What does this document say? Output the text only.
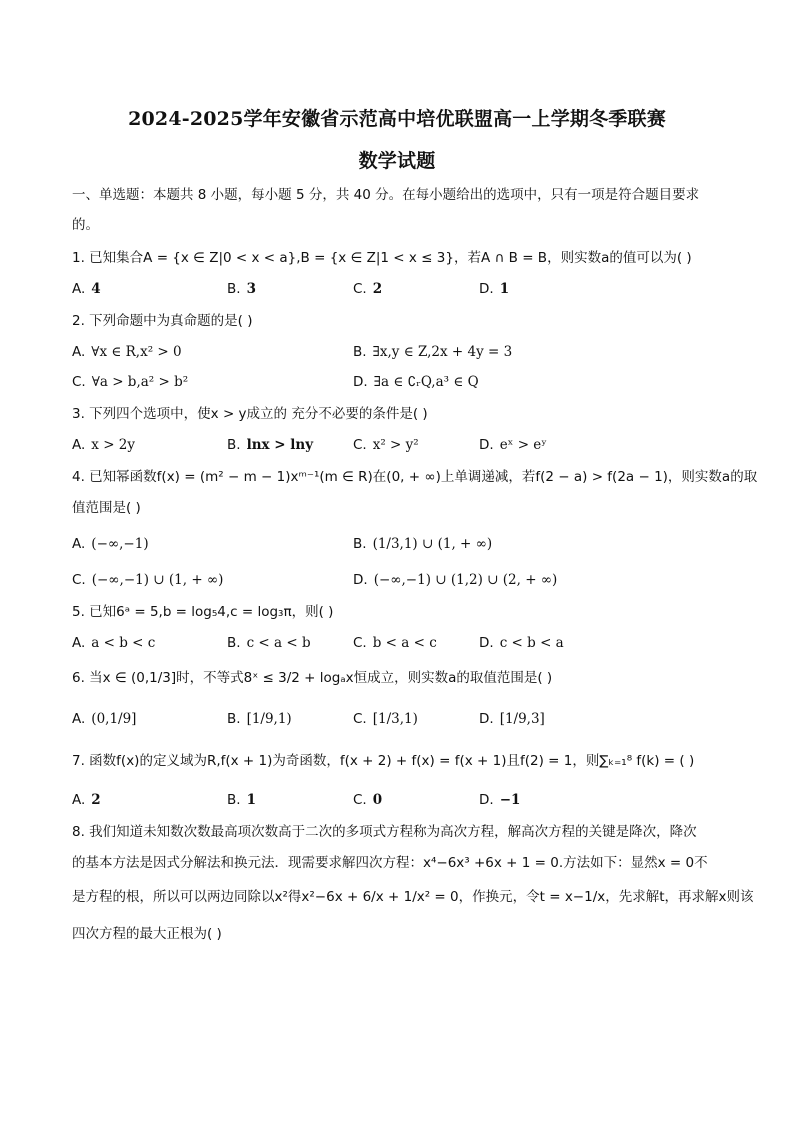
2024-2025学年安徽省示范高中培优联盟高一上学期冬季联赛
数学试题
一、单选题：本题共 8 小题，每小题 5 分，共 40 分。在每小题给出的选项中，只有一项是符合题目要求
的。
1. 已知集合A = {x ∈ Z|0 < x < a},B = {x ∈ Z|1 < x ≤ 3}，若A ∩ B = B，则实数a的值可以为( )
A. 4	B. 3	C. 2	D. 1
2. 下列命题中为真命题的是( )
A. ∀x ∈ R,x² > 0	B. ∃x,y ∈ Z,2x + 4y = 3
C. ∀a > b,a² > b²	D. ∃a ∈ ∁ᵣQ,a³ ∈ Q
3. 下列四个选项中，使x > y成立的 充分不必要的条件是( )
A. x > 2y	B. lnx > lny	C. x² > y²	D. eˣ > eʸ
4. 已知幂函数f(x) = (m² − m − 1)xᵐ⁻¹(m ∈ R)在(0, + ∞)上单调递减，若f(2 − a) > f(2a − 1)，则实数a的取
值范围是( )
A. (−∞,−1)	B. (1/3,1) ∪ (1, + ∞)
C. (−∞,−1) ∪ (1, + ∞)	D. (−∞,−1) ∪ (1,2) ∪ (2, + ∞)
5. 已知6ᵃ = 5,b = log₅4,c = log₃π，则( )
A. a < b < c	B. c < a < b	C. b < a < c	D. c < b < a
6. 当x ∈ (0,1/3]时，不等式8ˣ ≤ 3/2 + logₐx恒成立，则实数a的取值范围是( )
A. (0,1/9]	B. [1/9,1)	C. [1/3,1)	D. [1/9,3]
7. 函数f(x)的定义域为R,f(x + 1)为奇函数，f(x + 2) + f(x) = f(x + 1)且f(2) = 1，则∑ₖ₌₁⁸ f(k) = ( )
A. 2	B. 1	C. 0	D. −1
8. 我们知道未知数次数最高项次数高于二次的多项式方程称为高次方程，解高次方程的关键是降次，降次
的基本方法是因式分解法和换元法．现需要求解四次方程：x⁴−6x³ +6x + 1 = 0.方法如下：显然x = 0不
是方程的根，所以可以两边同除以x²得x²−6x + 6/x + 1/x² = 0，作换元，令t = x−1/x，先求解t，再求解x则该
四次方程的最大正根为( )
